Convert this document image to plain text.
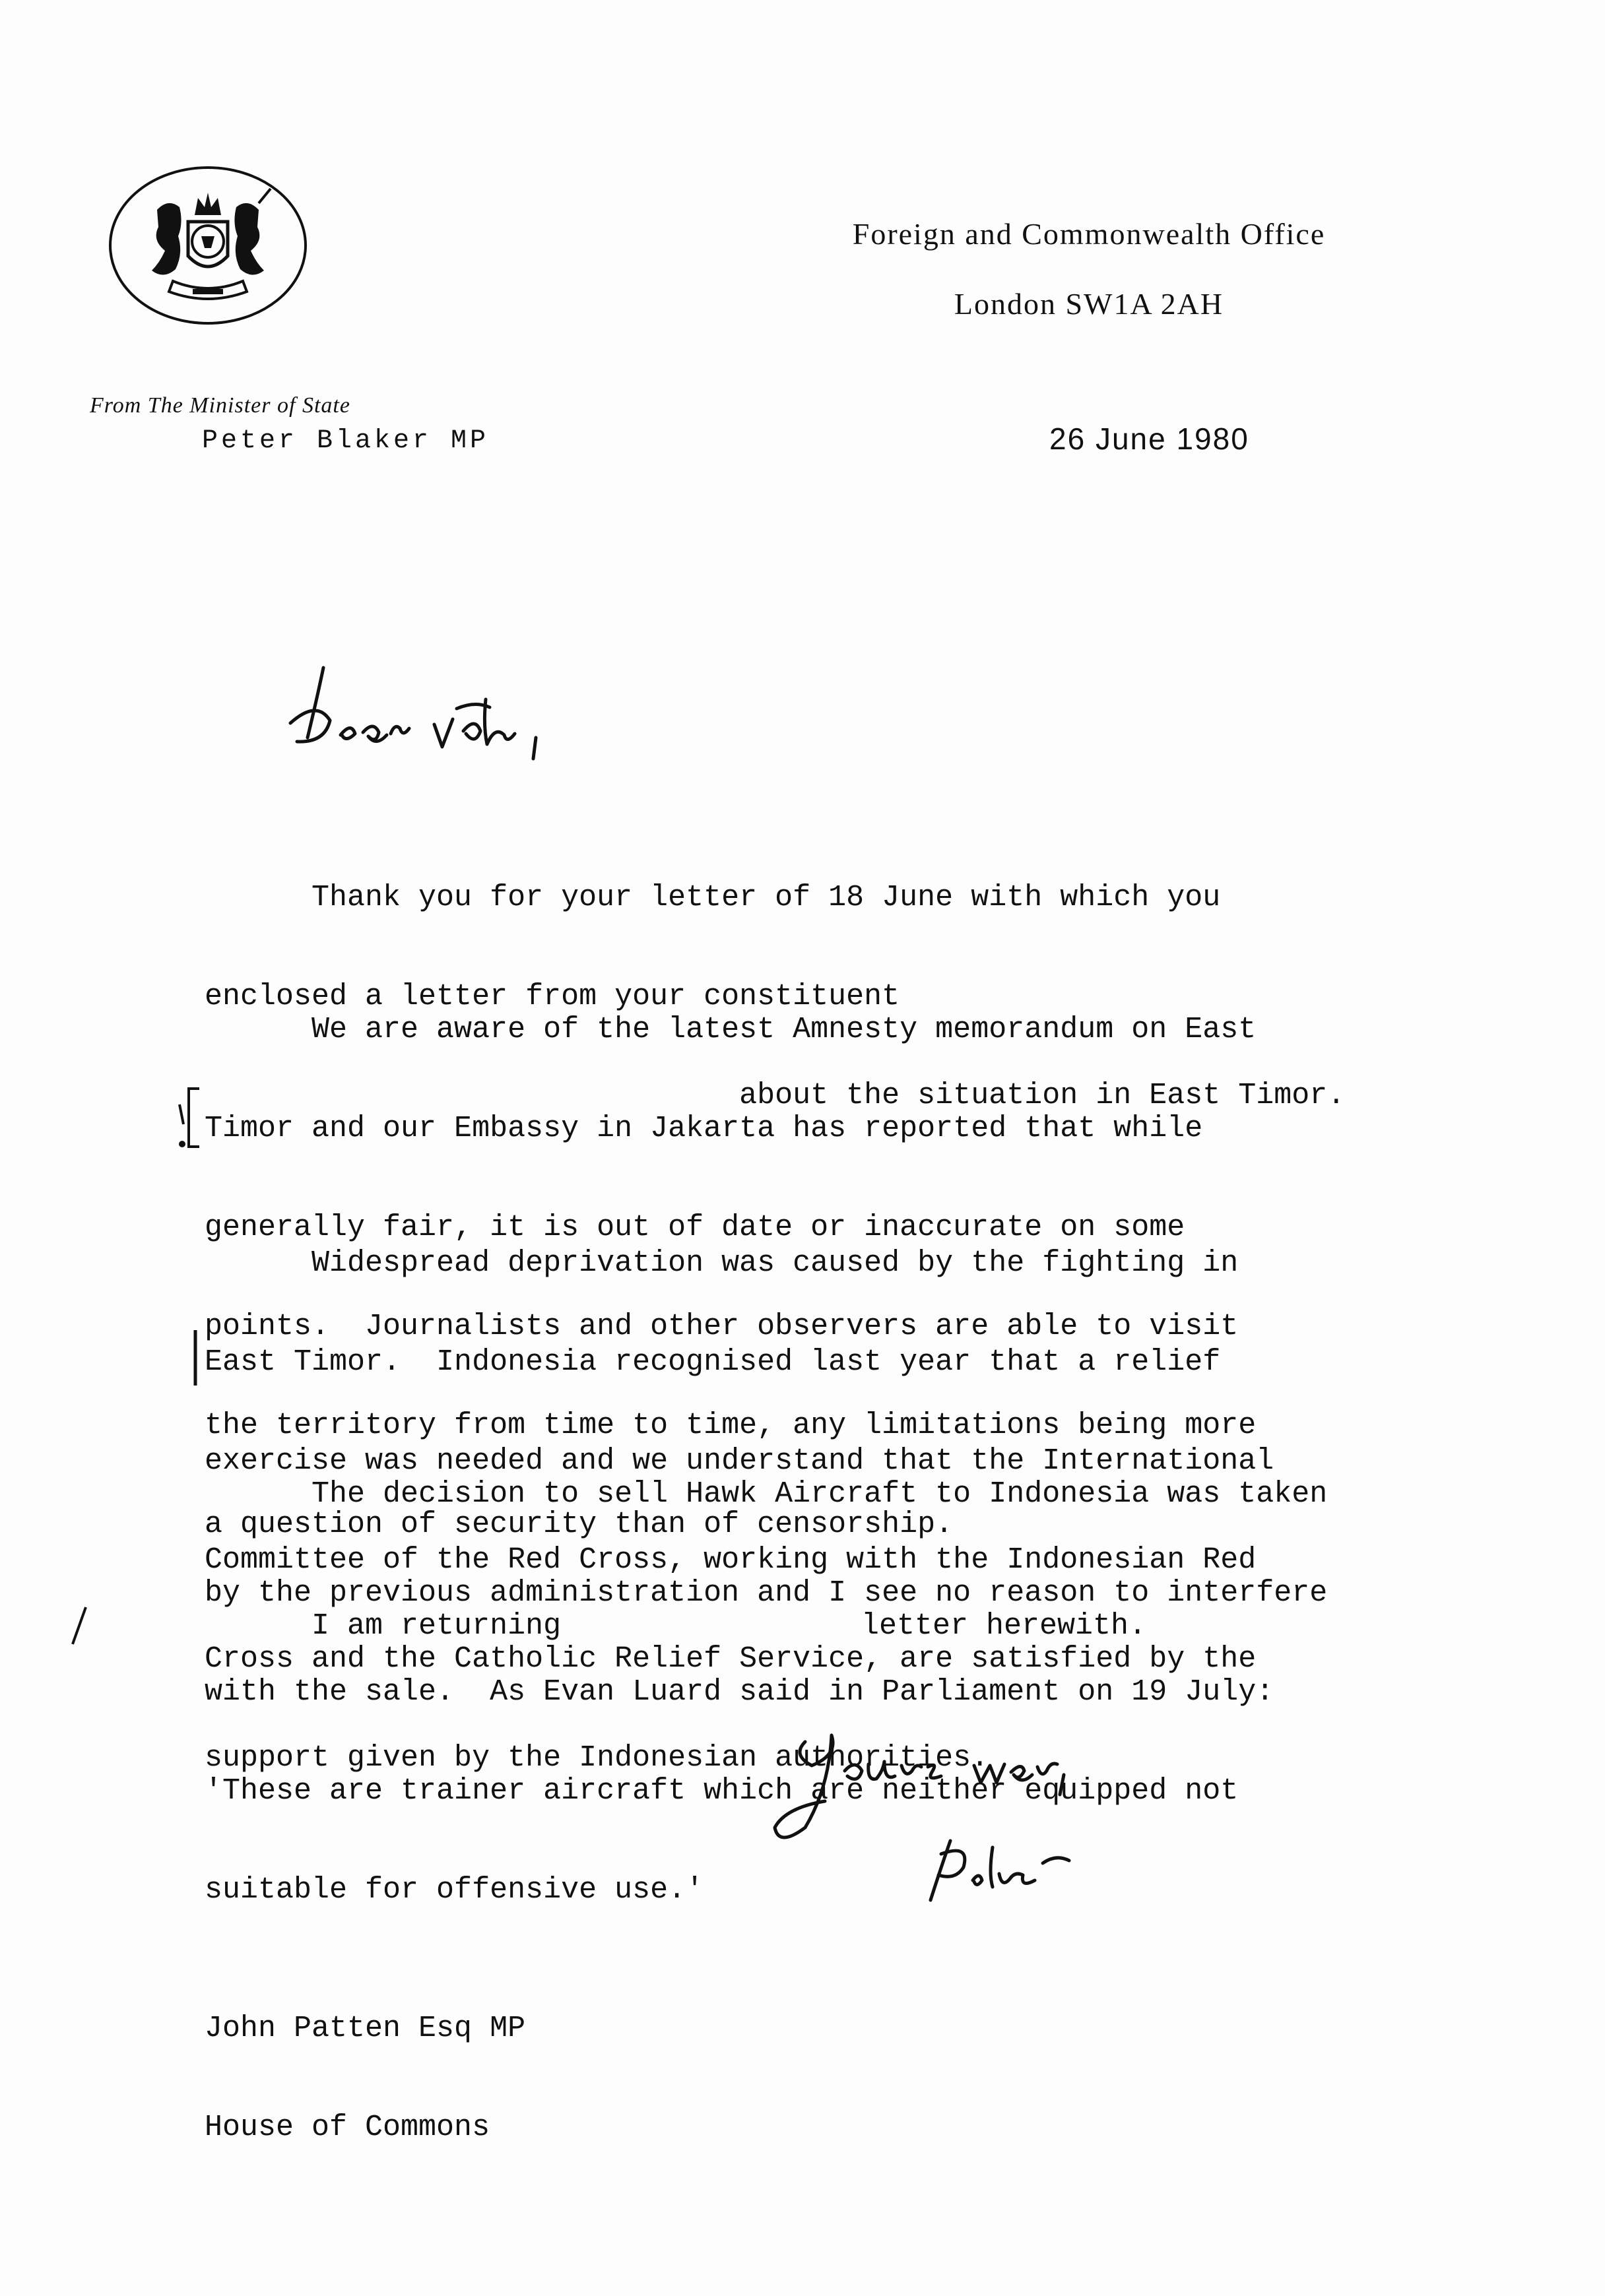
Foreign and Commonwealth Office
London SW1A 2AH
From The Minister of State
Peter Blaker MP	26 June 1980

Thank you for your letter of 18 June with which you

enclosed a letter from your constituent

about the situation in East Timor.

We are aware of the latest Amnesty memorandum on East

Timor and our Embassy in Jakarta has reported that while

generally fair, it is out of date or inaccurate on some

points.  Journalists and other observers are able to visit

the territory from time to time, any limitations being more

a question of security than of censorship.

Widespread deprivation was caused by the fighting in

East Timor.  Indonesia recognised last year that a relief

exercise was needed and we understand that the International

Committee of the Red Cross, working with the Indonesian Red

Cross and the Catholic Relief Service, are satisfied by the

support given by the Indonesian authorities.

The decision to sell Hawk Aircraft to Indonesia was taken

by the previous administration and I see no reason to interfere

with the sale.  As Evan Luard said in Parliament on 19 July:

'These are trainer aircraft which are neither equipped not

suitable for offensive use.'

I am returning	letter herewith.

John Patten Esq MP

House of Commons
